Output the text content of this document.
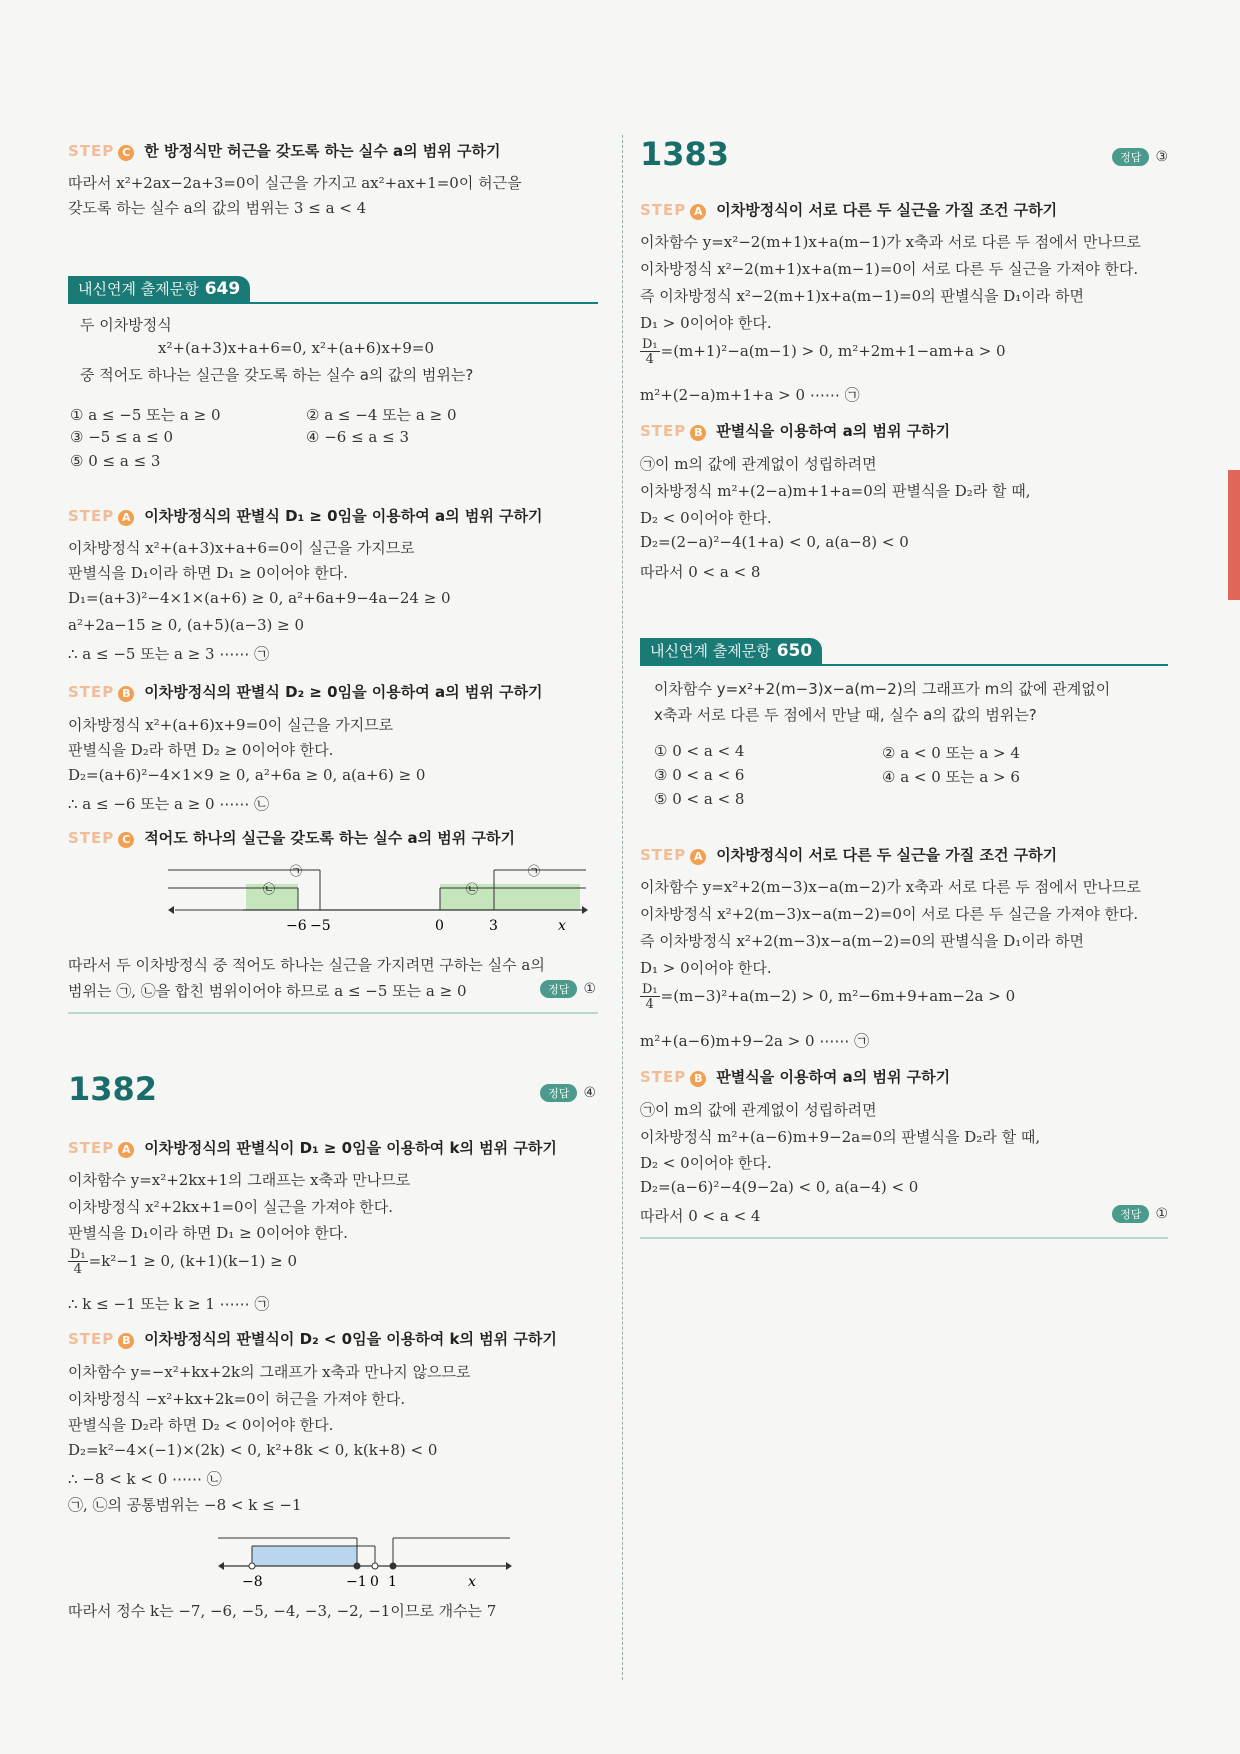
STEP C 한 방정식만 허근을 갖도록 하는 실수 a의 범위 구하기
따라서 x²+2ax−2a+3=0이 실근을 가지고 ax²+ax+1=0이 허근을
갖도록 하는 실수 a의 값의 범위는 3 ≤ a < 4
내신연계 출제문항 649
두 이차방정식
x²+(a+3)x+a+6=0, x²+(a+6)x+9=0
중 적어도 하나는 실근을 갖도록 하는 실수 a의 값의 범위는?
① a ≤ −5 또는 a ≥ 0	② a ≤ −4 또는 a ≥ 0
③ −5 ≤ a ≤ 0	④ −6 ≤ a ≤ 3
⑤ 0 ≤ a ≤ 3
STEP A 이차방정식의 판별식 D₁ ≥ 0임을 이용하여 a의 범위 구하기
이차방정식 x²+(a+3)x+a+6=0이 실근을 가지므로
판별식을 D₁이라 하면 D₁ ≥ 0이어야 한다.
D₁=(a+3)²−4×1×(a+6) ≥ 0, a²+6a+9−4a−24 ≥ 0
a²+2a−15 ≥ 0, (a+5)(a−3) ≥ 0
∴ a ≤ −5 또는 a ≥ 3 ⋯⋯ ㉠
STEP B 이차방정식의 판별식 D₂ ≥ 0임을 이용하여 a의 범위 구하기
이차방정식 x²+(a+6)x+9=0이 실근을 가지므로
판별식을 D₂라 하면 D₂ ≥ 0이어야 한다.
D₂=(a+6)²−4×1×9 ≥ 0, a²+6a ≥ 0, a(a+6) ≥ 0
∴ a ≤ −6 또는 a ≥ 0 ⋯⋯ ㉡
STEP C 적어도 하나의 실근을 갖도록 하는 실수 a의 범위 구하기
㉠
㉡
㉠
㉡
−6 −5	0	3	x
따라서 두 이차방정식 중 적어도 하나는 실근을 가지려면 구하는 실수 a의
범위는 ㉠, ㉡을 합친 범위이어야 하므로 a ≤ −5 또는 a ≥ 0	정답 ①
1382	정답 ④
STEP A 이차방정식의 판별식이 D₁ ≥ 0임을 이용하여 k의 범위 구하기
이차함수 y=x²+2kx+1의 그래프는 x축과 만나므로
이차방정식 x²+2kx+1=0이 실근을 가져야 한다.
판별식을 D₁이라 하면 D₁ ≥ 0이어야 한다.
$\frac{\text{D₁}}{4} =k^2-1 \ge 0$, (k+1)(k−1) ≥ 0
∴ k ≤ −1 또는 k ≥ 1 ⋯⋯ ㉠
STEP B 이차방정식의 판별식이 D₂ < 0임을 이용하여 k의 범위 구하기
이차함수 y=−x²+kx+2k의 그래프가 x축과 만나지 않으므로
이차방정식 −x²+kx+2k=0이 허근을 가져야 한다.
판별식을 D₂라 하면 D₂ < 0이어야 한다.
D₂=k²−4×(−1)×(2k) < 0, k²+8k < 0, k(k+8) < 0
∴ −8 < k < 0 ⋯⋯ ㉡
㉠, ㉡의 공통범위는 −8 < k ≤ −1
−8	−1 0 1	x
따라서 정수 k는 −7, −6, −5, −4, −3, −2, −1이므로 개수는 7
1383	정답 ③
STEP A 이차방정식이 서로 다른 두 실근을 가질 조건 구하기
이차함수 y=x²−2(m+1)x+a(m−1)가 x축과 서로 다른 두 점에서 만나므로
이차방정식 x²−2(m+1)x+a(m−1)=0이 서로 다른 두 실근을 가져야 한다.
즉 이차방정식 x²−2(m+1)x+a(m−1)=0의 판별식을 D₁이라 하면
D₁ > 0이어야 한다.
$\frac{\text{D₁}}{4} =(m+1)^2-a(m-1) > 0$, m²+2m+1−am+a > 0
m²+(2−a)m+1+a > 0 ⋯⋯ ㉠
STEP B 판별식을 이용하여 a의 범위 구하기
㉠이 m의 값에 관계없이 성립하려면
이차방정식 m²+(2−a)m+1+a=0의 판별식을 D₂라 할 때,
D₂ < 0이어야 한다.
D₂=(2−a)²−4(1+a) < 0, a(a−8) < 0
따라서 0 < a < 8
내신연계 출제문항 650
이차함수 y=x²+2(m−3)x−a(m−2)의 그래프가 m의 값에 관계없이
x축과 서로 다른 두 점에서 만날 때, 실수 a의 값의 범위는?
① 0 < a < 4	② a < 0 또는 a > 4
③ 0 < a < 6	④ a < 0 또는 a > 6
⑤ 0 < a < 8
STEP A 이차방정식이 서로 다른 두 실근을 가질 조건 구하기
이차함수 y=x²+2(m−3)x−a(m−2)가 x축과 서로 다른 두 점에서 만나므로
이차방정식 x²+2(m−3)x−a(m−2)=0이 서로 다른 두 실근을 가져야 한다.
즉 이차방정식 x²+2(m−3)x−a(m−2)=0의 판별식을 D₁이라 하면
D₁ > 0이어야 한다.
$\frac{\text{D₁}}{4} =(m-3)^2+a(m-2) > 0$, m²−6m+9+am−2a > 0
m²+(a−6)m+9−2a > 0 ⋯⋯ ㉠
STEP B 판별식을 이용하여 a의 범위 구하기
㉠이 m의 값에 관계없이 성립하려면
이차방정식 m²+(a−6)m+9−2a=0의 판별식을 D₂라 할 때,
D₂ < 0이어야 한다.
D₂=(a−6)²−4(9−2a) < 0, a(a−4) < 0
따라서 0 < a < 4	정답 ①
